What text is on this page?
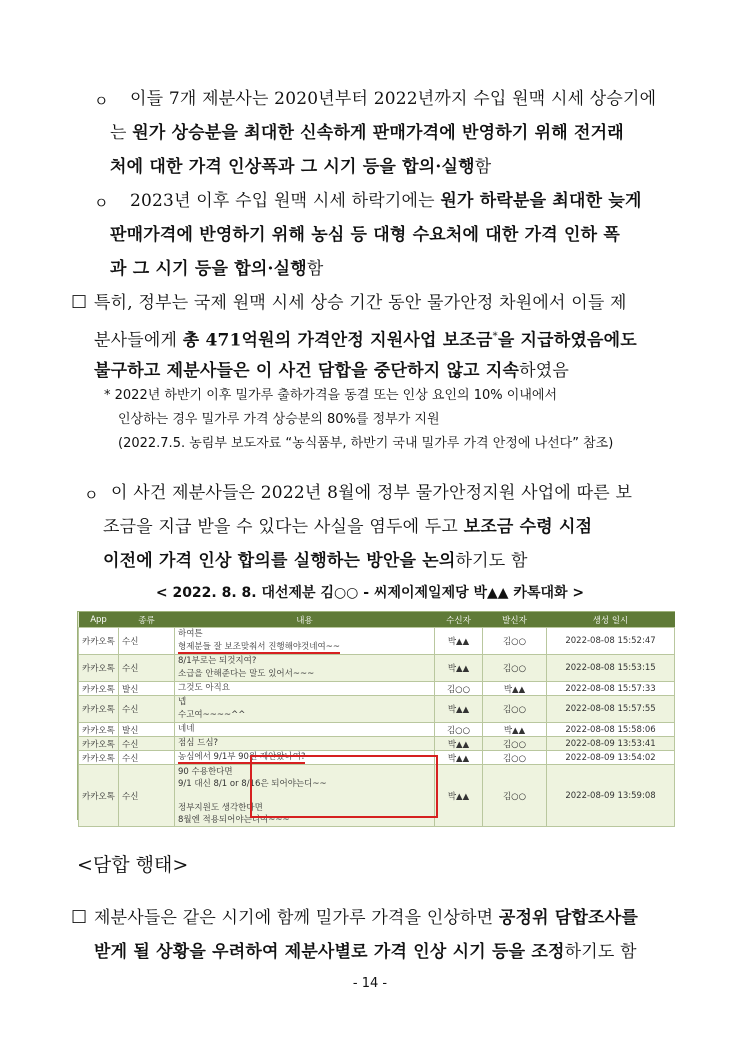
ㅇ	이들 7개 제분사는 2020년부터 2022년까지 수입 원맥 시세 상승기에
는 원가 상승분을 최대한 신속하게 판매가격에 반영하기 위해 전거래
처에 대한 가격 인상폭과 그 시기 등을 합의·실행함
ㅇ	2023년 이후 수입 원맥 시세 하락기에는 원가 하락분을 최대한 늦게
판매가격에 반영하기 위해 농심 등 대형 수요처에 대한 가격 인하 폭
과 그 시기 등을 합의·실행함
□ 특히, 정부는 국제 원맥 시세 상승 기간 동안 물가안정 차원에서 이들 제
분사들에게 총 471억원의 가격안정 지원사업 보조금*을 지급하였음에도
불구하고 제분사들은 이 사건 담합을 중단하지 않고 지속하였음
* 2022년 하반기 이후 밀가루 출하가격을 동결 또는 인상 요인의 10% 이내에서
인상하는 경우 밀가루 가격 상승분의 80%를 정부가 지원
(2022.7.5. 농림부 보도자료 “농식품부, 하반기 국내 밀가루 가격 안정에 나선다” 참조)
ㅇ 이 사건 제분사들은 2022년 8월에 정부 물가안정지원 사업에 따른 보
조금을 지급 받을 수 있다는 사실을 염두에 두고 보조금 수령 시점
이전에 가격 인상 합의를 실행하는 방안을 논의하기도 함
< 2022. 8. 8. 대선제분 김○○ - 씨제이제일제당 박▲▲ 카톡대화 >
App	종류	내용	수신자	발신자	생성 일시
카카오톡	수신	하여튼
형제분들 잘 보조맞춰서 진행해야것네여~~	박▲▲	김○○	2022-08-08 15:52:47
카카오톡	수신	8/1부로는 되것지여?
소급을 안해준다는 말도 있어서~~~	박▲▲	김○○	2022-08-08 15:53:15
카카오톡	발신	그것도 아직요	김○○	박▲▲	2022-08-08 15:57:33
카카오톡	수신	넵
수고여~~~~^^	박▲▲	김○○	2022-08-08 15:57:55
카카오톡	발신	네네	김○○	박▲▲	2022-08-08 15:58:06
카카오톡	수신	점심 드심?	박▲▲	김○○	2022-08-09 13:53:41
카카오톡	수신	농심에서 9/1부 90원 제안왔나여?	박▲▲	김○○	2022-08-09 13:54:02
카카오톡	수신	90 수용한다면
9/1 대신 8/1 or 8/16은 되어야는디~~

정부지원도 생각한다면
8월엔 적용되어야는디여~~~	박▲▲	김○○	2022-08-09 13:59:08
<담합 행태>
□ 제분사들은 같은 시기에 함께 밀가루 가격을 인상하면 공정위 담합조사를
받게 될 상황을 우려하여 제분사별로 가격 인상 시기 등을 조정하기도 함
- 14 -
